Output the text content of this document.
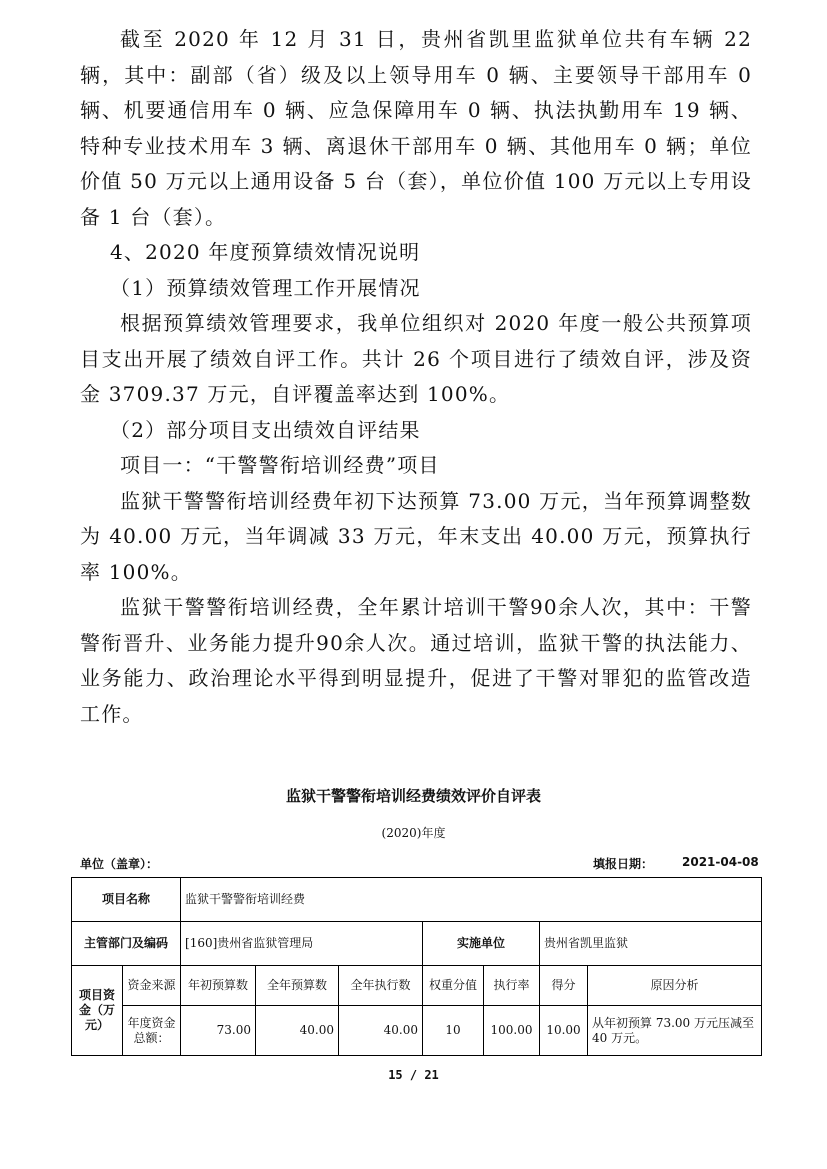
截至 2020 年 12 月 31 日，贵州省凯里监狱单位共有车辆 22 辆，其中：副部（省）级及以上领导用车 0 辆、主要领导干部用车 0 辆、机要通信用车 0 辆、应急保障用车 0 辆、执法执勤用车 19 辆、特种专业技术用车 3 辆、离退休干部用车 0 辆、其他用车 0 辆；单位价值 50 万元以上通用设备 5 台（套），单位价值 100 万元以上专用设备 1 台（套）。

4、2020 年度预算绩效情况说明

（1）预算绩效管理工作开展情况

根据预算绩效管理要求，我单位组织对 2020 年度一般公共预算项目支出开展了绩效自评工作。共计 26 个项目进行了绩效自评，涉及资金 3709.37 万元，自评覆盖率达到 100%。

（2）部分项目支出绩效自评结果

项目一：“干警警衔培训经费”项目

监狱干警警衔培训经费年初下达预算 73.00 万元，当年预算调整数为 40.00 万元，当年调减 33 万元，年末支出 40.00 万元，预算执行率 100%。

监狱干警警衔培训经费，全年累计培训干警90余人次，其中：干警警衔晋升、业务能力提升90余人次。通过培训，监狱干警的执法能力、业务能力、政治理论水平得到明显提升，促进了干警对罪犯的监管改造工作。

监狱干警警衔培训经费绩效评价自评表
(2020)年度
单位（盖章）：	填报日期： 2021-04-08
项目名称		监狱干警警衔培训经费						
主管部门及编码		[160]贵州省监狱管理局			实施单位		贵州省凯里监狱	
项目资金（万元）	资金来源	年初预算数	全年预算数	全年执行数	权重分值	执行率	得分	原因分析
	年度资金总额：	73.00	40.00	40.00	10	100.00	10.00	从年初预算 73.00 万元压减至 40 万元。
15 / 21
